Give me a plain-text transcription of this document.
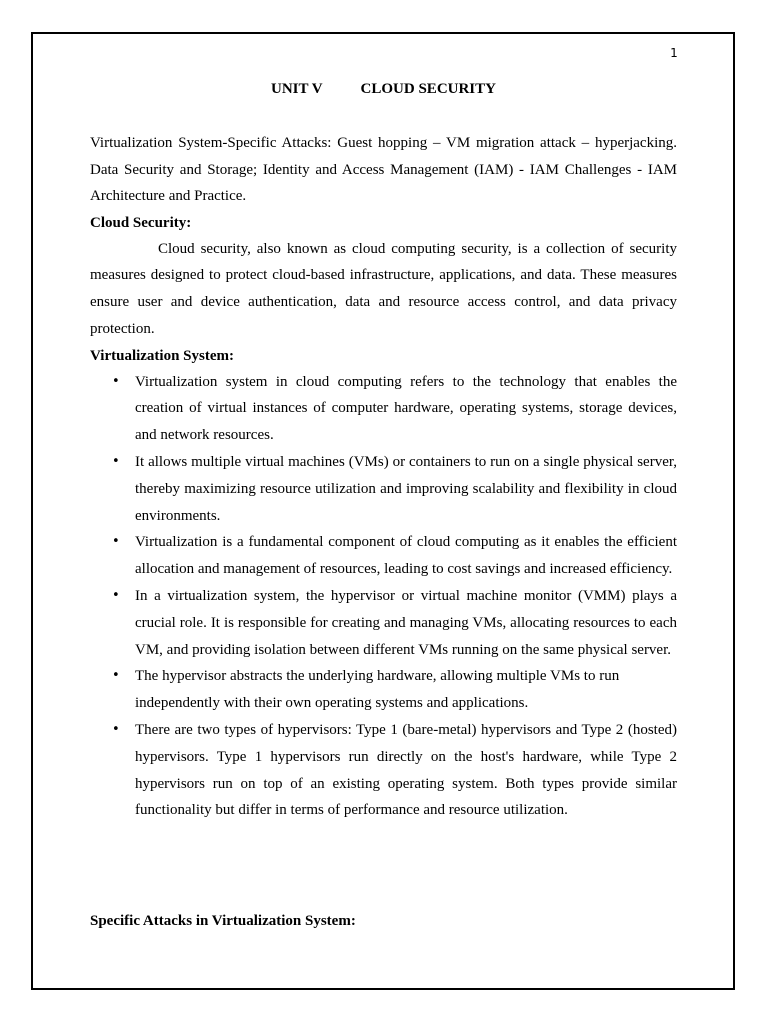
1
UNIT V	CLOUD SECURITY

Virtualization System-Specific Attacks: Guest hopping – VM migration attack – hyperjacking. Data Security and Storage; Identity and Access Management (IAM) - IAM Challenges - IAM Architecture and Practice.

Cloud Security:

Cloud security, also known as cloud computing security, is a collection of security measures designed to protect cloud-based infrastructure, applications, and data. These measures ensure user and device authentication, data and resource access control, and data privacy protection.

Virtualization System:

• Virtualization system in cloud computing refers to the technology that enables the creation of virtual instances of computer hardware, operating systems, storage devices, and network resources.
• It allows multiple virtual machines (VMs) or containers to run on a single physical server, thereby maximizing resource utilization and improving scalability and flexibility in cloud environments.
• Virtualization is a fundamental component of cloud computing as it enables the efficient allocation and management of resources, leading to cost savings and increased efficiency.
• In a virtualization system, the hypervisor or virtual machine monitor (VMM) plays a crucial role. It is responsible for creating and managing VMs, allocating resources to each VM, and providing isolation between different VMs running on the same physical server.
• The hypervisor abstracts the underlying hardware, allowing multiple VMs to run independently with their own operating systems and applications.
• There are two types of hypervisors: Type 1 (bare-metal) hypervisors and Type 2 (hosted) hypervisors. Type 1 hypervisors run directly on the host's hardware, while Type 2 hypervisors run on top of an existing operating system. Both types provide similar functionality but differ in terms of performance and resource utilization.

Specific Attacks in Virtualization System:
